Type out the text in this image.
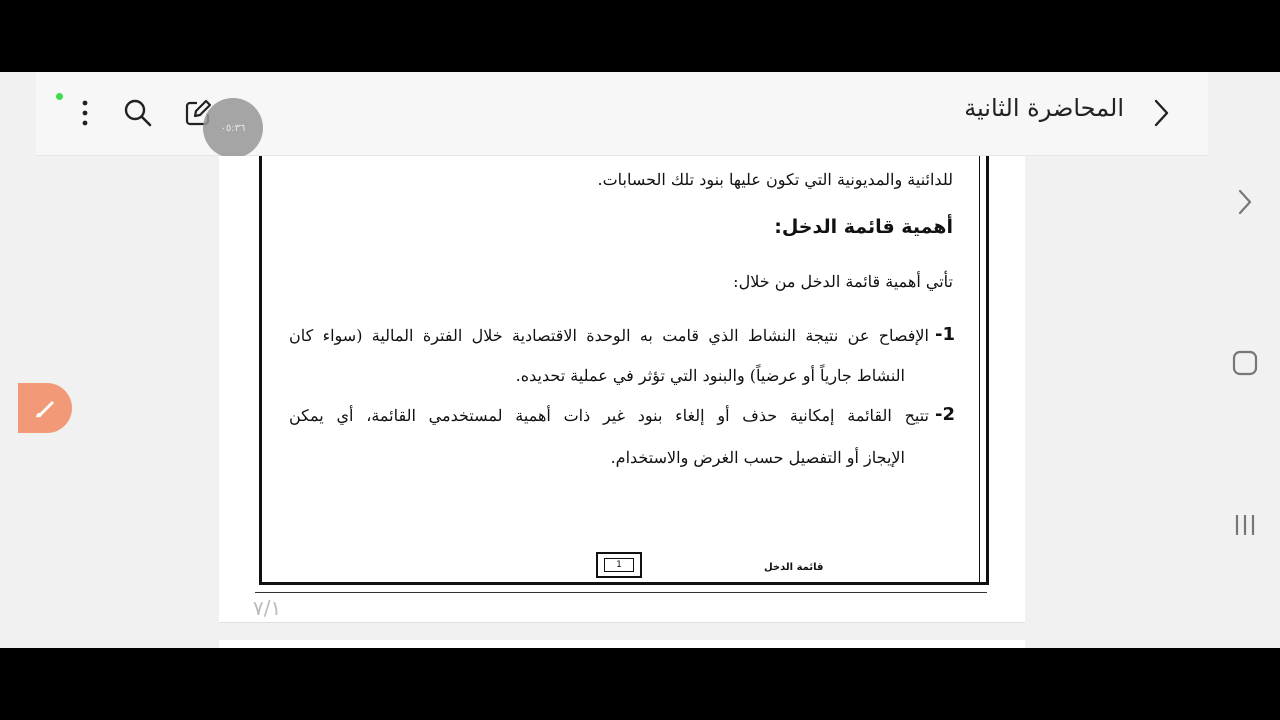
٠٥:٣٦
المحاضرة الثانية
للدائنية والمديونية التي تكون عليها بنود تلك الحسابات.
أهمية قائمة الدخل:
تأتي أهمية قائمة الدخل من خلال:
1-
الإفصاح عن نتيجة النشاط الذي قامت به الوحدة الاقتصادية خلال الفترة المالية (سواء كان
النشاط جارياً أو عرضياً) والبنود التي تؤثر في عملية تحديده.
2-
تتيح القائمة إمكانية حذف أو إلغاء بنود غير ذات أهمية لمستخدمي القائمة، أي يمكن
الإيجاز أو التفصيل حسب الغرض والاستخدام.
قائمة الدخل
1
٧/١
